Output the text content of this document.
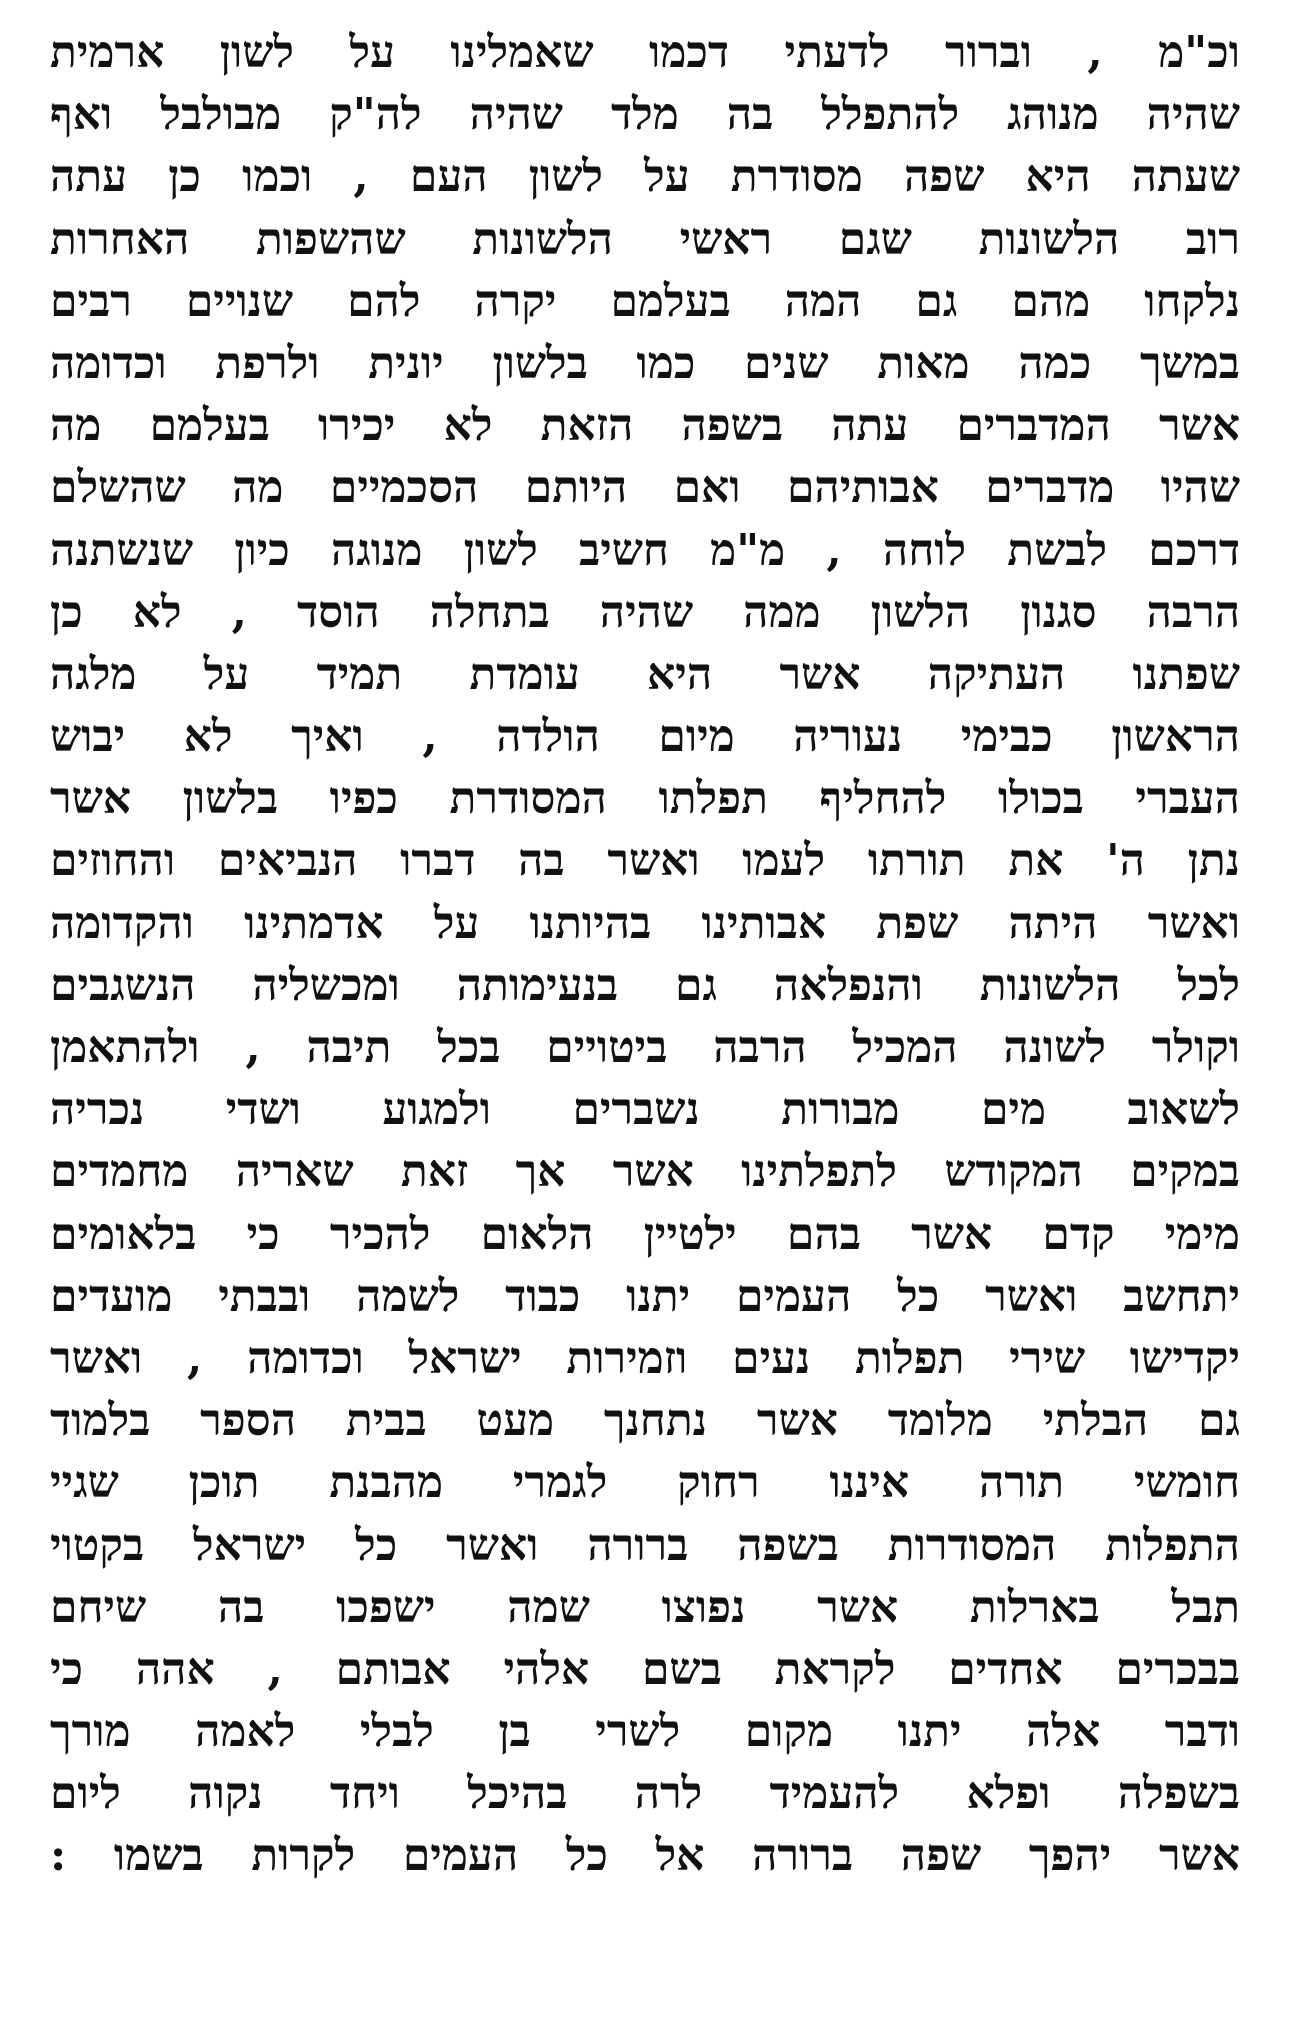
וכ"מ , וברור לדעתי דכמו שאמלינו על לשון ארמית
שהיה מנוהג להתפלל בה מלד שהיה לה"ק מבולבל ואף
שעתה היא שפה מסודרת על לשון העם , וכמו כן עתה
רוב הלשונות שגם ראשי הלשונות שהשפות האחרות
נלקחו מהם גם המה בעלמם יקרה להם שנויים רבים
במשך כמה מאות שנים כמו בלשון יונית ולרפת וכדומה
אשר המדברים עתה בשפה הזאת לא יכירו בעלמם מה
שהיו מדברים אבותיהם ואם היותם הסכמיים מה שהשלם
דרכם לבשת לוחה , מ"מ חשיב לשון מנוגה כיון שנשתנה
הרבה סגנון הלשון ממה שהיה בתחלה הוסד , לא כן
שפתנו העתיקה אשר היא עומדת תמיד על מלגה
הראשון כבימי נעוריה מיום הולדה , ואיך לא יבוש
העברי בכולו להחליף תפלתו המסודרת כפיו בלשון אשר
נתן ה' את תורתו לעמו ואשר בה דברו הנביאים והחוזים
ואשר היתה שפת אבותינו בהיותנו על אדמתינו והקדומה
לכל הלשונות והנפלאה גם בנעימותה ומכשליה הנשגבים
וקולר לשונה המכיל הרבה ביטויים בכל תיבה , ולהתאמן
לשאוב מים מבורות נשברים ולמגוע ושדי נכריה
במקים המקודש לתפלתינו אשר אך זאת שאריה מחמדים
מימי קדם אשר בהם ילטיין הלאום להכיר כי בלאומים
יתחשב ואשר כל העמים יתנו כבוד לשמה ובבתי מועדים
יקדישו שירי תפלות נעים וזמירות ישראל וכדומה , ואשר
גם הבלתי מלומד אשר נתחנך מעט בבית הספר בלמוד
חומשי תורה איננו רחוק לגמרי מהבנת תוכן שגיי
התפלות המסודרות בשפה ברורה ואשר כל ישראל בקטוי
תבל בארלות אשר נפוצו שמה ישפכו בה שיחם
בבכרים אחדים לקראת בשם אלהי אבותם , אהה כי
ודבר אלה יתנו מקום לשרי בן לבלי לאמה מורך
בשפלה ופלא להעמיד לרה בהיכל ויחד נקוה ליום
אשר יהפך שפה ברורה אל כל העמים לקרות בשמו :
